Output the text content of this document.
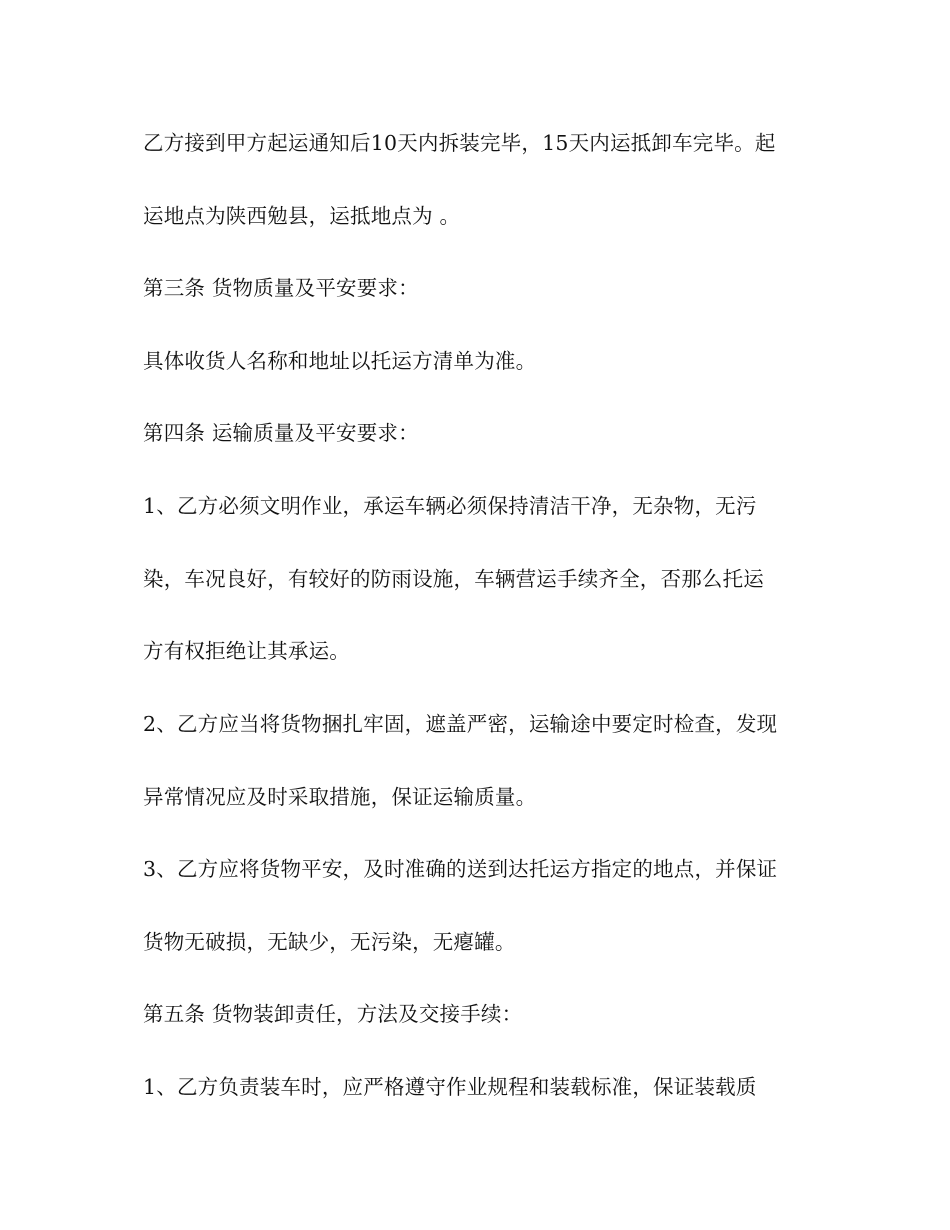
乙方接到甲方起运通知后10天内拆装完毕，15天内运抵卸车完毕。起
运地点为陕西勉县，运抵地点为 。
第三条 货物质量及平安要求：
具体收货人名称和地址以托运方清单为准。
第四条 运输质量及平安要求：
1、乙方必须文明作业，承运车辆必须保持清洁干净，无杂物，无污
染，车况良好，有较好的防雨设施，车辆营运手续齐全，否那么托运
方有权拒绝让其承运。
2、乙方应当将货物捆扎牢固，遮盖严密，运输途中要定时检查，发现
异常情况应及时采取措施，保证运输质量。
3、乙方应将货物平安，及时准确的送到达托运方指定的地点，并保证
货物无破损，无缺少，无污染，无瘪罐。
第五条 货物装卸责任，方法及交接手续：
1、乙方负责装车时，应严格遵守作业规程和装载标准，保证装载质
